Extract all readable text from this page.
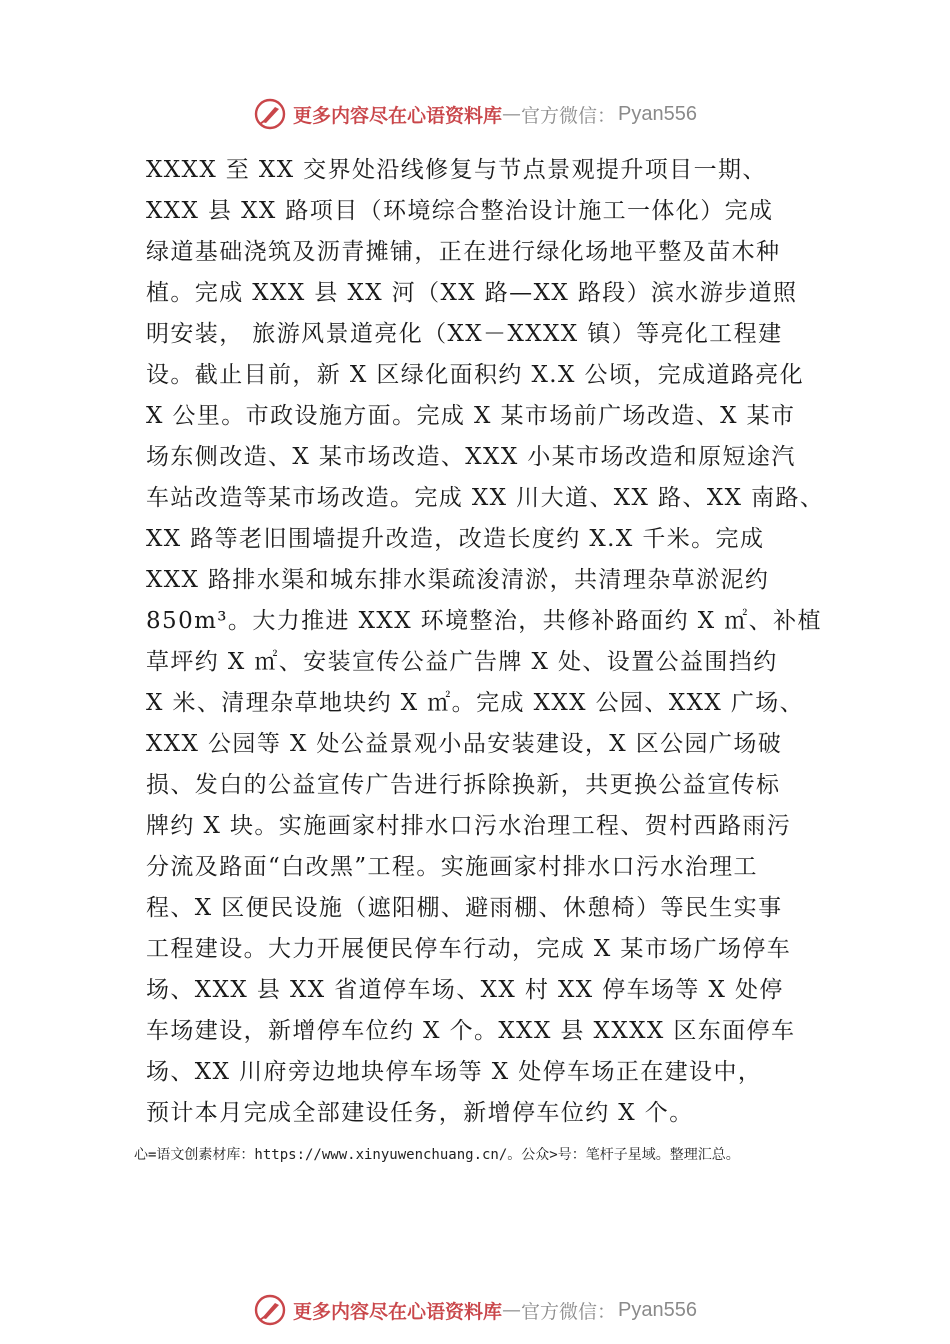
更多内容尽在心语资料库 — 官方微信： Pyan556
XXXX 至 XX 交界处沿线修复与节点景观提升项目一期、
XXX 县 XX 路项目（环境综合整治设计施工一体化）完成
绿道基础浇筑及沥青摊铺，正在进行绿化场地平整及苗木种
植。完成 XXX 县 XX 河（XX 路—XX 路段）滨水游步道照
明安装， 旅游风景道亮化（XX－XXXX 镇）等亮化工程建
设。截止目前，新 X 区绿化面积约 X.X 公顷，完成道路亮化
X 公里。市政设施方面。完成 X 某市场前广场改造、X 某市
场东侧改造、X 某市场改造、XXX 小某市场改造和原短途汽
车站改造等某市场改造。完成 XX 川大道、XX 路、XX 南路、
XX 路等老旧围墙提升改造，改造长度约 X.X 千米。完成
XXX 路排水渠和城东排水渠疏浚清淤，共清理杂草淤泥约
850m³。大力推进 XXX 环境整治，共修补路面约 X ㎡、补植
草坪约 X ㎡、安装宣传公益广告牌 X 处、设置公益围挡约
X 米、清理杂草地块约 X ㎡。完成 XXX 公园、XXX 广场、
XXX 公园等 X 处公益景观小品安装建设，X 区公园广场破
损、发白的公益宣传广告进行拆除换新，共更换公益宣传标
牌约 X 块。实施画家村排水口污水治理工程、贺村西路雨污
分流及路面“白改黑”工程。实施画家村排水口污水治理工
程、X 区便民设施（遮阳棚、避雨棚、休憩椅）等民生实事
工程建设。大力开展便民停车行动，完成 X 某市场广场停车
场、XXX 县 XX 省道停车场、XX 村 XX 停车场等 X 处停
车场建设，新增停车位约 X 个。XXX 县 XXXX 区东面停车
场、XX 川府旁边地块停车场等 X 处停车场正在建设中，
预计本月完成全部建设任务，新增停车位约 X 个。
心=语文创素材库：https://www.xinyuwenchuang.cn/。公众>号：笔杆子星域。整理汇总。
更多内容尽在心语资料库 — 官方微信： Pyan556
